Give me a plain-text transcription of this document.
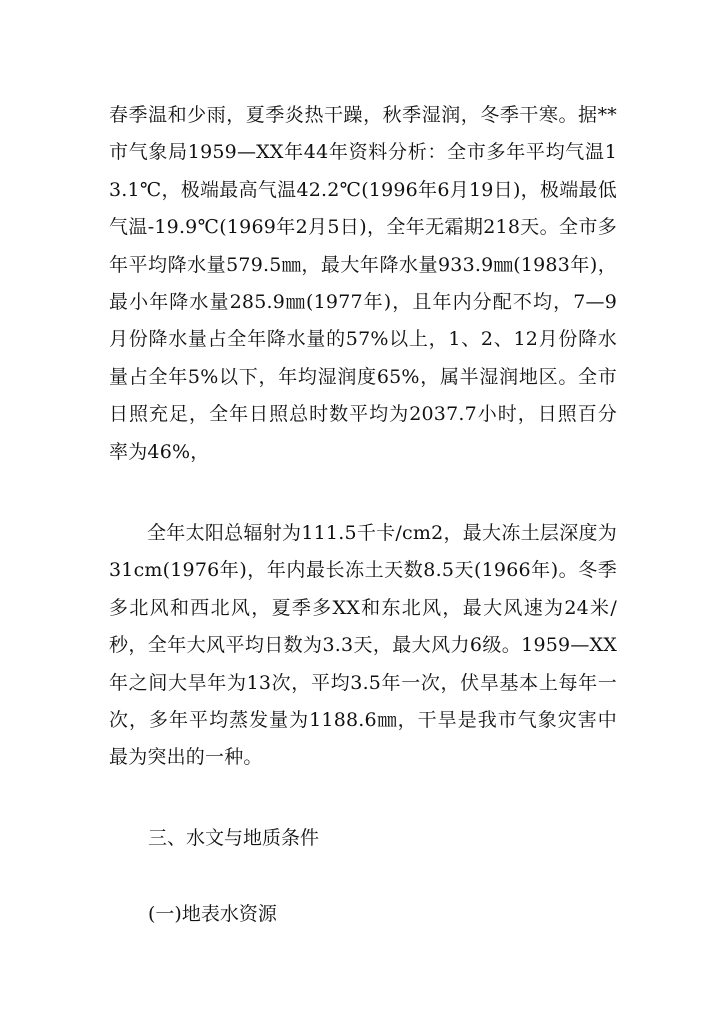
春季温和少雨，夏季炎热干躁，秋季湿润，冬季干寒。据**市气象局1959—XX年44年资料分析：全市多年平均气温13.1℃，极端最高气温42.2℃(1996年6月19日)，极端最低气温-19.9℃(1969年2月5日)，全年无霜期218天。全市多年平均降水量579.5㎜，最大年降水量933.9㎜(1983年)，最小年降水量285.9㎜(1977年)，且年内分配不均，7—9月份降水量占全年降水量的57%以上，1、2、12月份降水量占全年5%以下，年均湿润度65%，属半湿润地区。全市日照充足，全年日照总时数平均为2037.7小时，日照百分率为46%，

全年太阳总辐射为111.5千卡/cm2，最大冻土层深度为31cm(1976年)，年内最长冻土天数8.5天(1966年)。冬季多北风和西北风，夏季多XX和东北风，最大风速为24米/秒，全年大风平均日数为3.3天，最大风力6级。1959—XX年之间大旱年为13次，平均3.5年一次，伏旱基本上每年一次，多年平均蒸发量为1188.6㎜，干旱是我市气象灾害中最为突出的一种。

三、水文与地质条件
(一)地表水资源
